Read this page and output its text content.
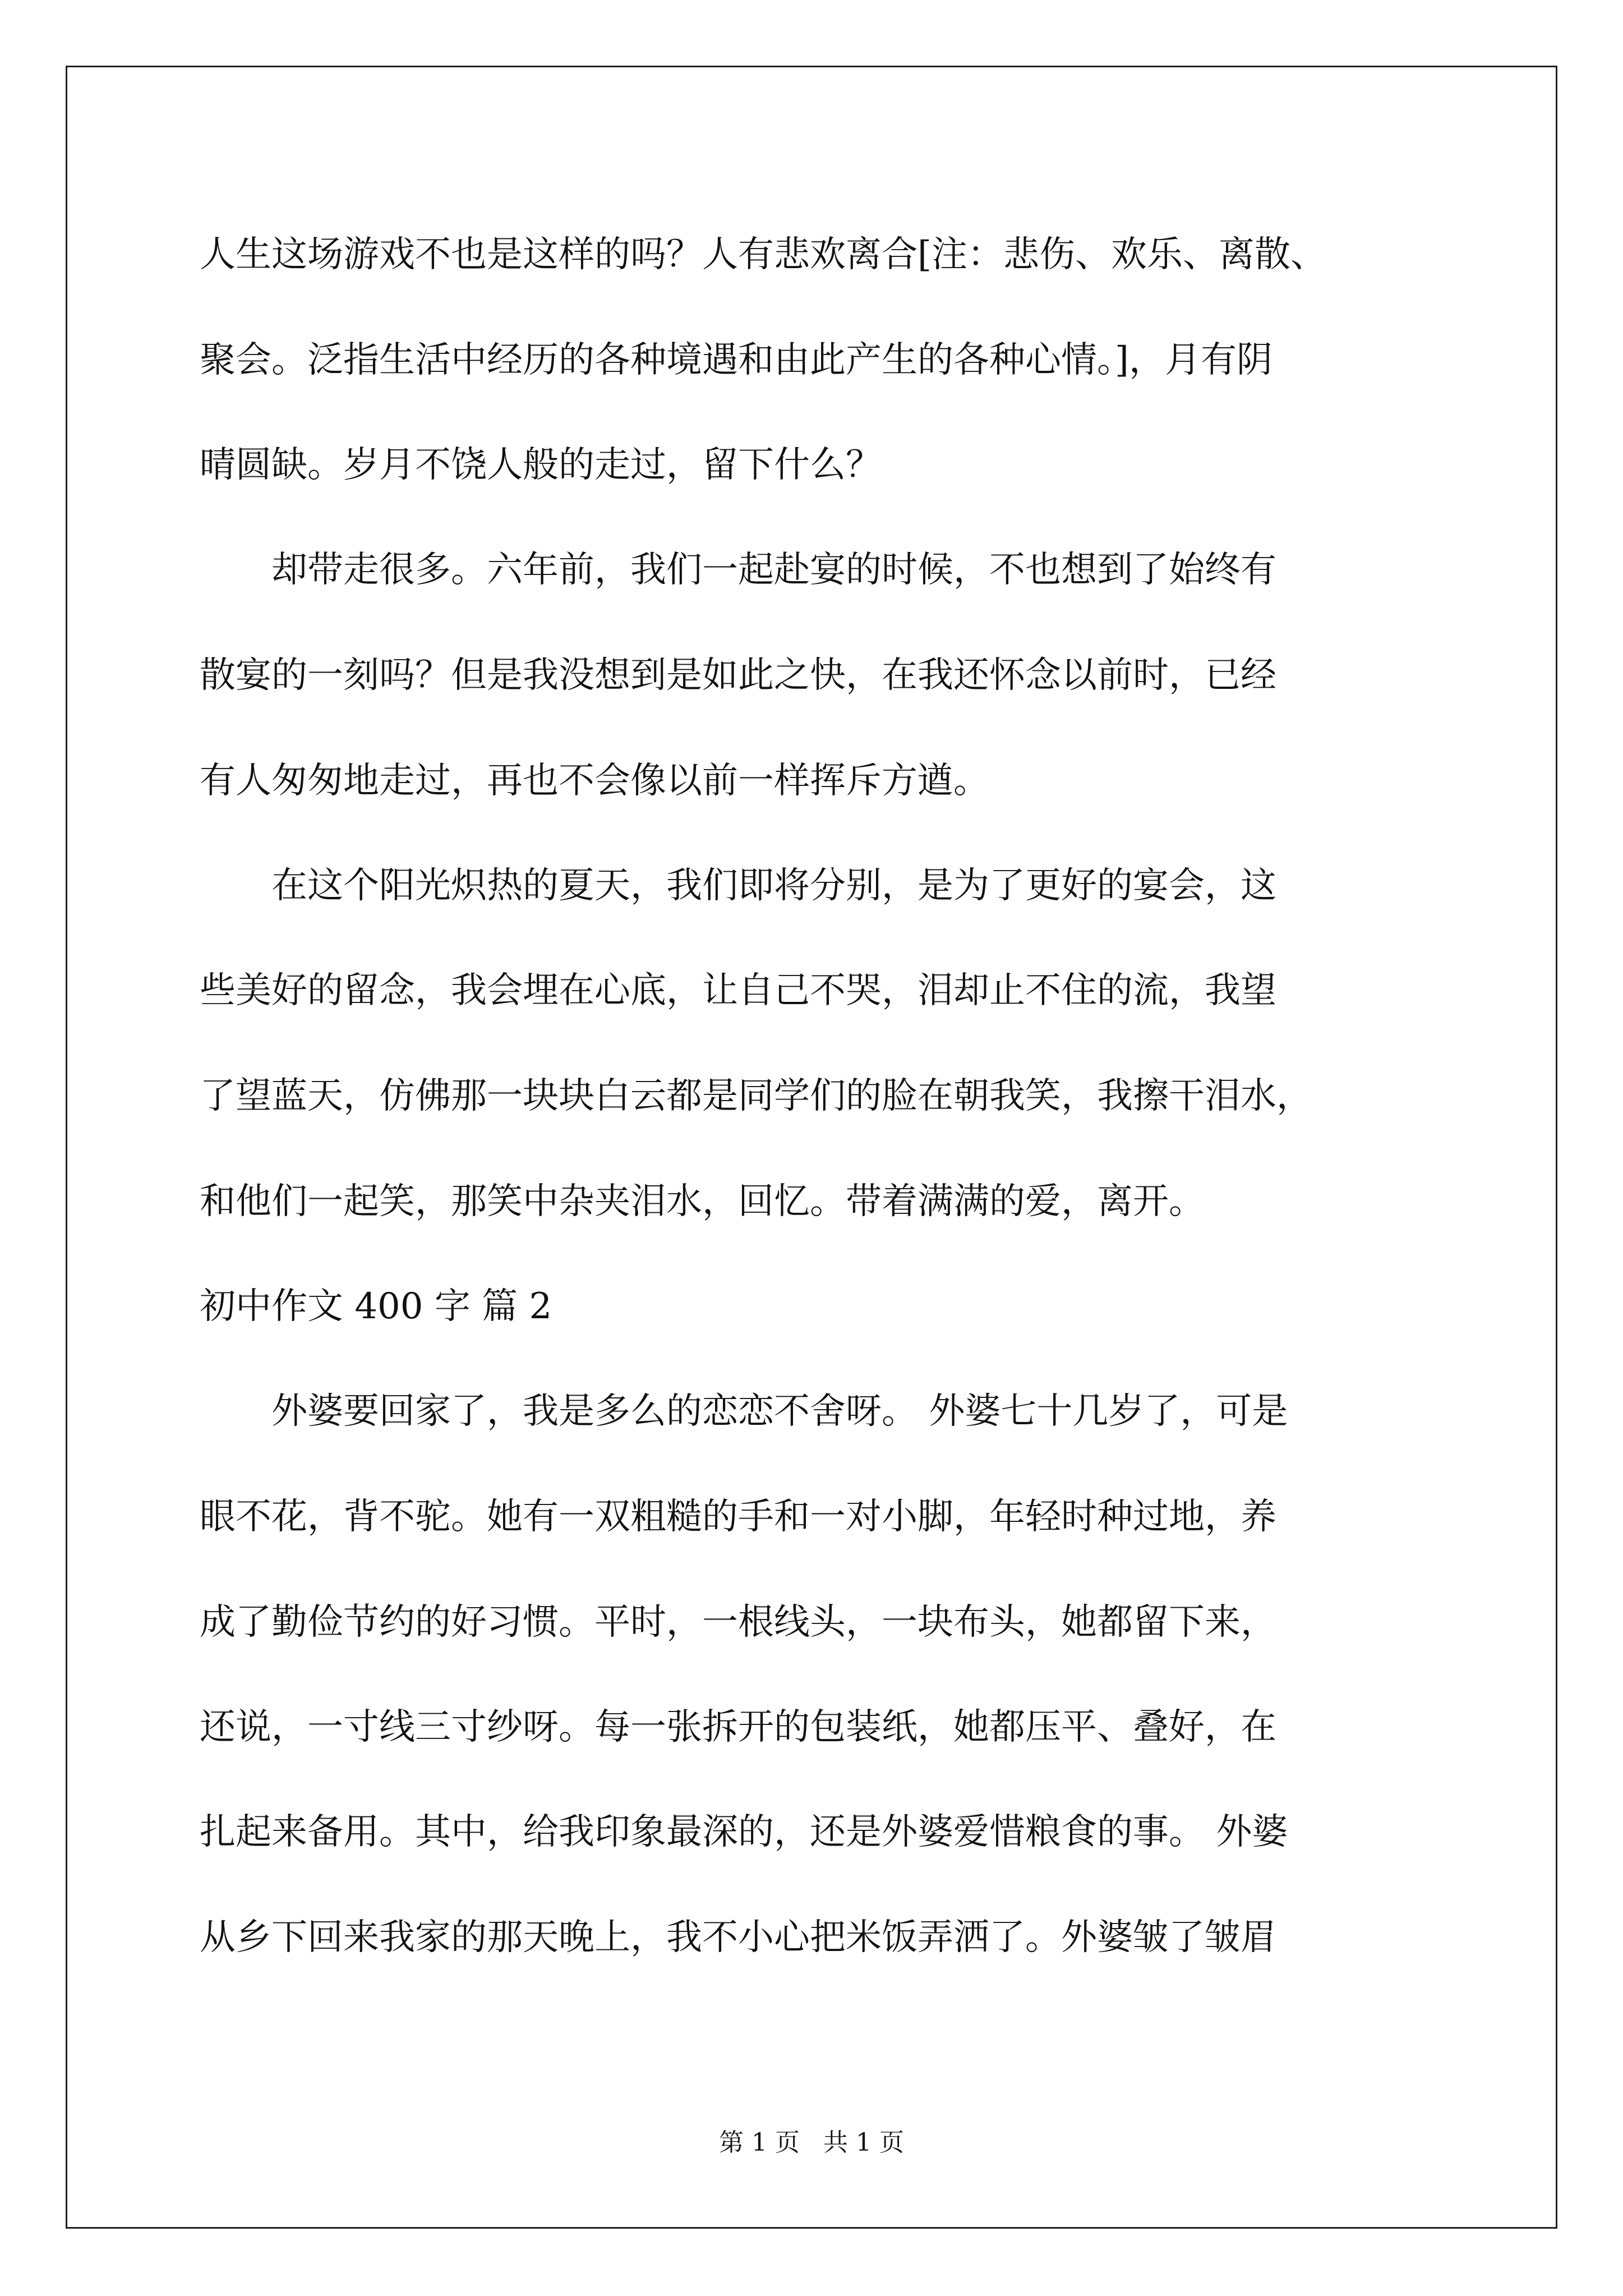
人生这场游戏不也是这样的吗？人有悲欢离合[注：悲伤、欢乐、离散、
聚会。泛指生活中经历的各种境遇和由此产生的各种心情。]，月有阴
晴圆缺。岁月不饶人般的走过，留下什么？
　　却带走很多。六年前，我们一起赴宴的时候，不也想到了始终有
散宴的一刻吗？但是我没想到是如此之快，在我还怀念以前时，已经
有人匆匆地走过，再也不会像以前一样挥斥方遒。
　　在这个阳光炽热的夏天，我们即将分别，是为了更好的宴会，这
些美好的留念，我会埋在心底，让自己不哭，泪却止不住的流，我望
了望蓝天，仿佛那一块块白云都是同学们的脸在朝我笑，我擦干泪水，
和他们一起笑，那笑中杂夹泪水，回忆。带着满满的爱，离开。
初中作文 400 字 篇 2
　　外婆要回家了，我是多么的恋恋不舍呀。 外婆七十几岁了，可是
眼不花，背不驼。她有一双粗糙的手和一对小脚，年轻时种过地，养
成了勤俭节约的好习惯。平时，一根线头，一块布头，她都留下来，
还说，一寸线三寸纱呀。每一张拆开的包装纸，她都压平、叠好，在
扎起来备用。其中，给我印象最深的，还是外婆爱惜粮食的事。 外婆
从乡下回来我家的那天晚上，我不小心把米饭弄洒了。外婆皱了皱眉
第 1 页   共 1 页
